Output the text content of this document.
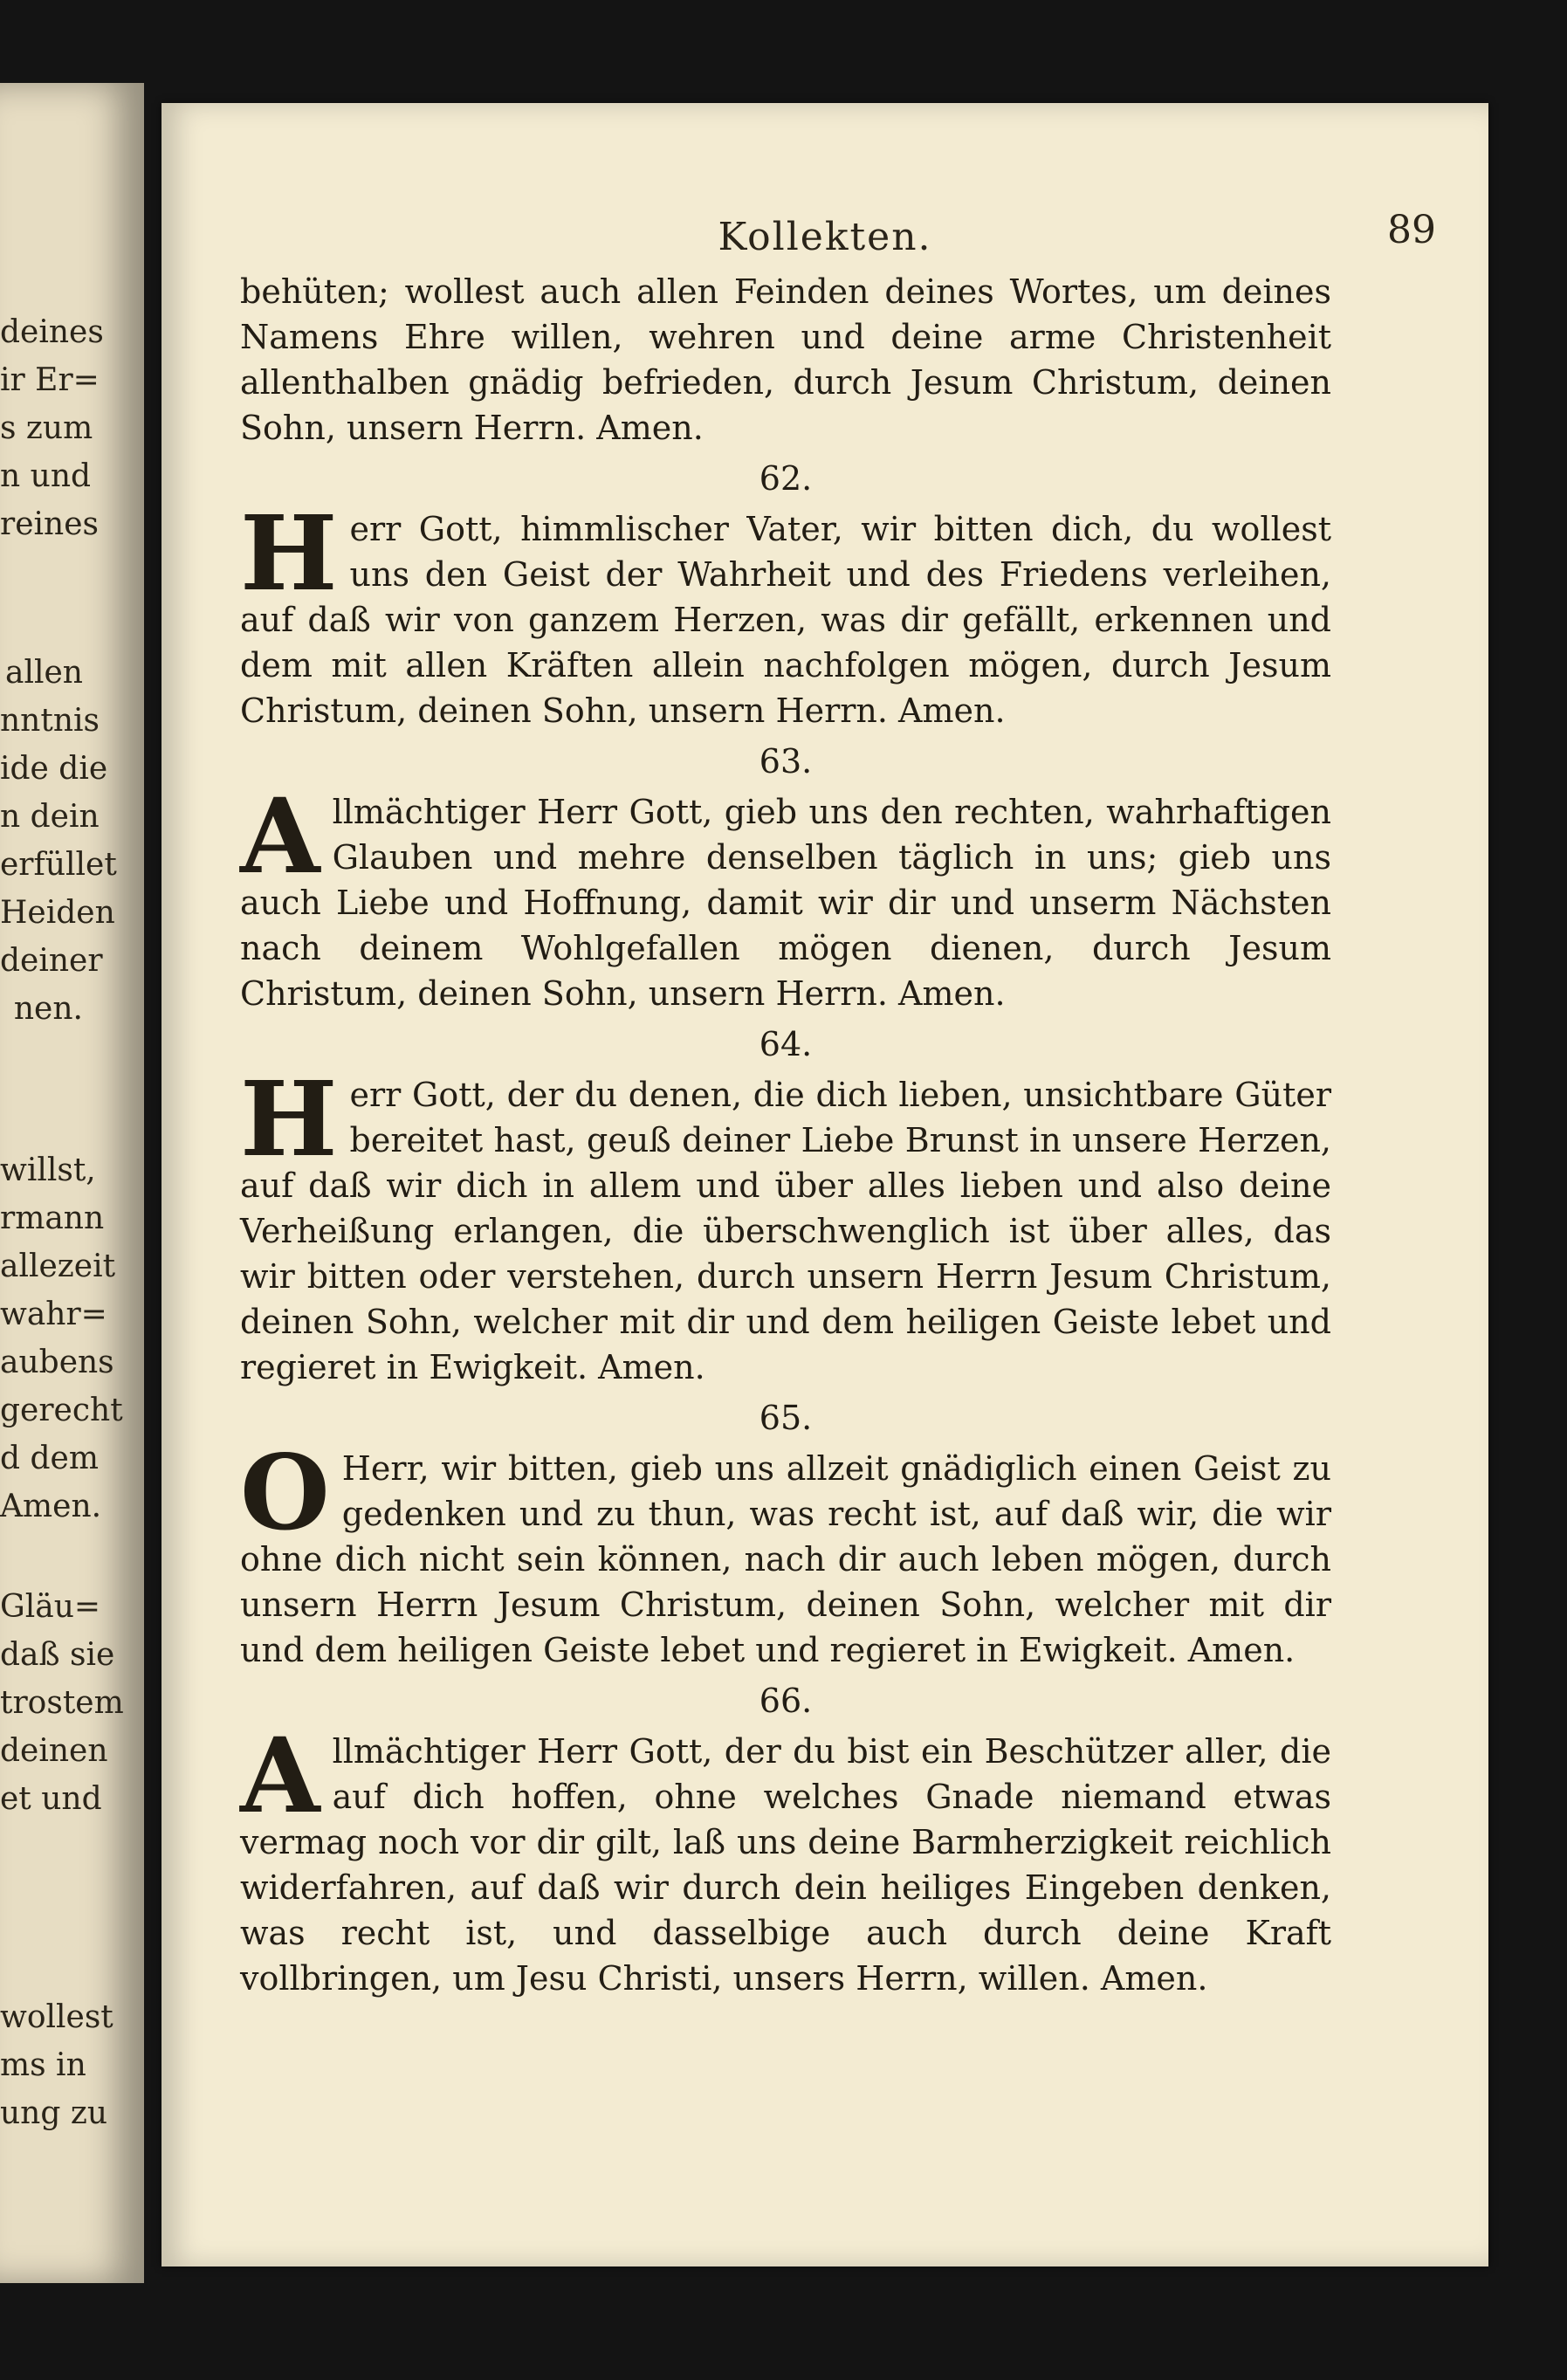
deines
ir Er=
s zum
n und
reines
allen
nntnis
ide die
n dein
erfüllet
Heiden
deiner
nen.
willst,
rmann
allezeit
wahr=
aubens
gerecht
d dem
Amen.
Gläu=
daß sie
trostem
deinen
et und
wollest
ms in
ung zu
Kollekten.	89

behüten; wollest auch allen Feinden deines Wortes, um deines Namens Ehre willen, wehren und deine arme Christenheit allenthalben gnädig befrieden, durch Jesum Christum, deinen Sohn, unsern Herrn. Amen.

62.

Herr Gott, himmlischer Vater, wir bitten dich, du wollest uns den Geist der Wahrheit und des Friedens verleihen, auf daß wir von ganzem Herzen, was dir gefällt, erkennen und dem mit allen Kräften allein nachfolgen mögen, durch Jesum Christum, deinen Sohn, unsern Herrn. Amen.

63.

Allmächtiger Herr Gott, gieb uns den rechten, wahrhaftigen Glauben und mehre denselben täglich in uns; gieb uns auch Liebe und Hoffnung, damit wir dir und unserm Nächsten nach deinem Wohlgefallen mögen dienen, durch Jesum Christum, deinen Sohn, unsern Herrn. Amen.

64.

Herr Gott, der du denen, die dich lieben, unsichtbare Güter bereitet hast, geuß deiner Liebe Brunst in unsere Herzen, auf daß wir dich in allem und über alles lieben und also deine Verheißung erlangen, die überschwenglich ist über alles, das wir bitten oder verstehen, durch unsern Herrn Jesum Christum, deinen Sohn, welcher mit dir und dem heiligen Geiste lebet und regieret in Ewigkeit. Amen.

65.

O Herr, wir bitten, gieb uns allzeit gnädiglich einen Geist zu gedenken und zu thun, was recht ist, auf daß wir, die wir ohne dich nicht sein können, nach dir auch leben mögen, durch unsern Herrn Jesum Christum, deinen Sohn, welcher mit dir und dem heiligen Geiste lebet und regieret in Ewigkeit. Amen.

66.

Allmächtiger Herr Gott, der du bist ein Beschützer aller, die auf dich hoffen, ohne welches Gnade niemand etwas vermag noch vor dir gilt, laß uns deine Barmherzigkeit reichlich widerfahren, auf daß wir durch dein heiliges Eingeben denken, was recht ist, und dasselbige auch durch deine Kraft vollbringen, um Jesu Christi, unsers Herrn, willen. Amen.
